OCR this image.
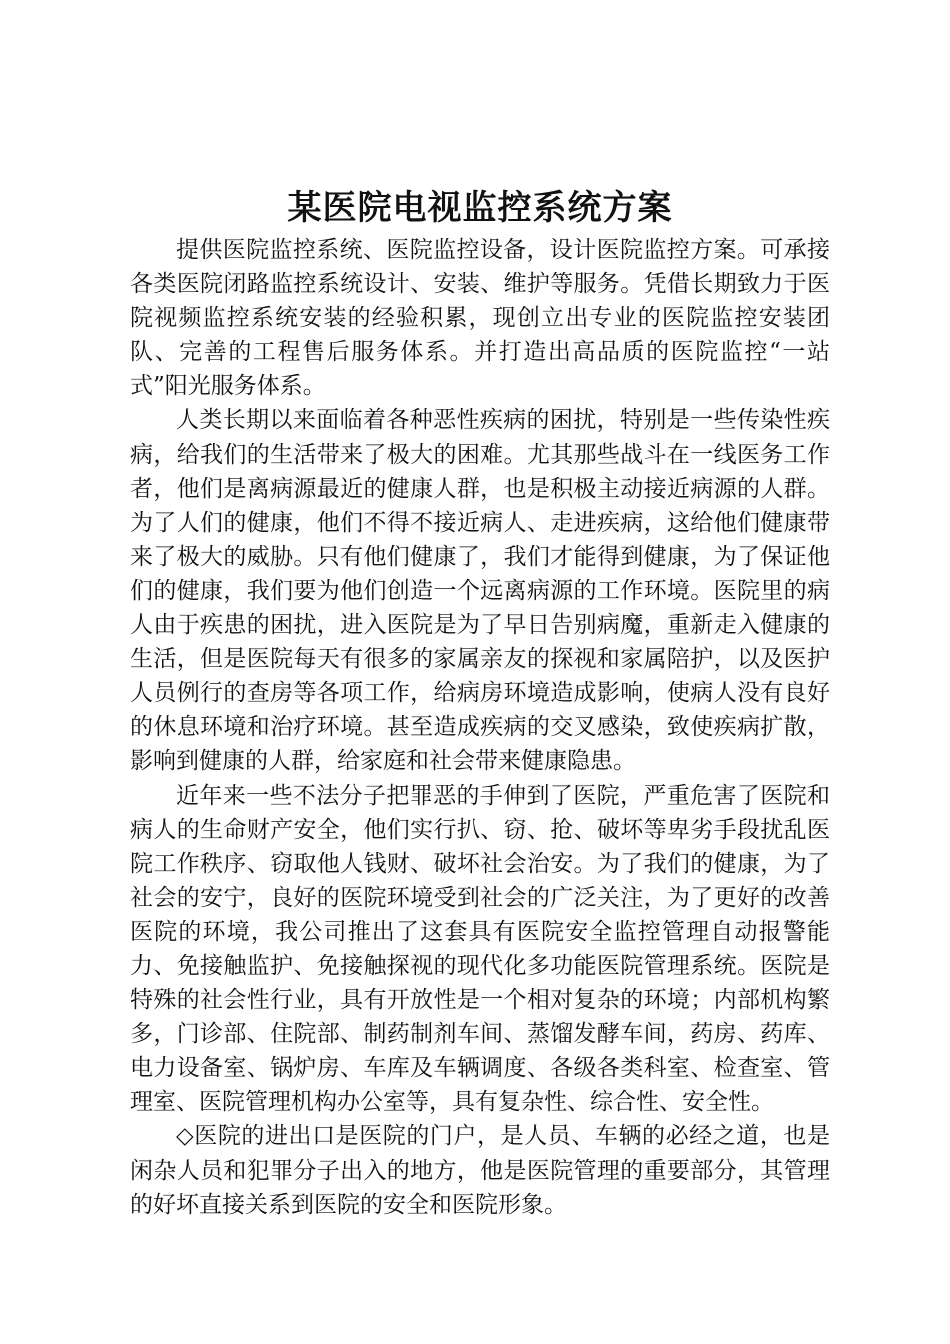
某医院电视监控系统方案

提供医院监控系统、医院监控设备，设计医院监控方案。可承接各类医院闭路监控系统设计、安装、维护等服务。凭借长期致力于医院视频监控系统安装的经验积累，现创立出专业的医院监控安装团队、完善的工程售后服务体系。并打造出高品质的医院监控“一站式”阳光服务体系。

人类长期以来面临着各种恶性疾病的困扰，特别是一些传染性疾病，给我们的生活带来了极大的困难。尤其那些战斗在一线医务工作者，他们是离病源最近的健康人群，也是积极主动接近病源的人群。为了人们的健康，他们不得不接近病人、走进疾病，这给他们健康带来了极大的威胁。只有他们健康了，我们才能得到健康，为了保证他们的健康，我们要为他们创造一个远离病源的工作环境。医院里的病人由于疾患的困扰，进入医院是为了早日告别病魔，重新走入健康的生活，但是医院每天有很多的家属亲友的探视和家属陪护，以及医护人员例行的查房等各项工作，给病房环境造成影响，使病人没有良好的休息环境和治疗环境。甚至造成疾病的交叉感染，致使疾病扩散，影响到健康的人群，给家庭和社会带来健康隐患。

近年来一些不法分子把罪恶的手伸到了医院，严重危害了医院和病人的生命财产安全，他们实行扒、窃、抢、破坏等卑劣手段扰乱医院工作秩序、窃取他人钱财、破坏社会治安。为了我们的健康，为了社会的安宁，良好的医院环境受到社会的广泛关注，为了更好的改善医院的环境，我公司推出了这套具有医院安全监控管理自动报警能力、免接触监护、免接触探视的现代化多功能医院管理系统。医院是特殊的社会性行业，具有开放性是一个相对复杂的环境；内部机构繁多，门诊部、住院部、制药制剂车间、蒸馏发酵车间，药房、药库、电力设备室、锅炉房、车库及车辆调度、各级各类科室、检查室、管理室、医院管理机构办公室等，具有复杂性、综合性、安全性。

◇医院的进出口是医院的门户，是人员、车辆的必经之道，也是闲杂人员和犯罪分子出入的地方，他是医院管理的重要部分，其管理的好坏直接关系到医院的安全和医院形象。
